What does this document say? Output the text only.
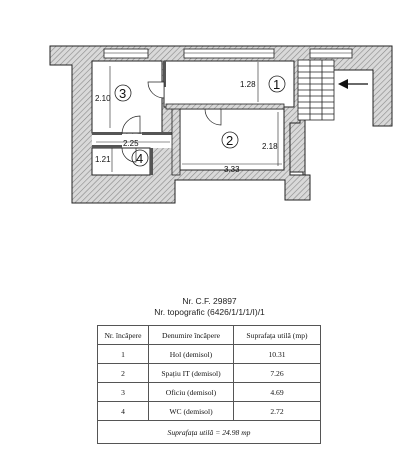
2.10
1.28
2.25
1.21
2.18
3.33
3
1
4
2
Nr. C.F. 29897
Nr. topografic (6426/1/1/1/I)/1
Nr. încăpere	Denumire încăpere	Suprafața utilă (mp)
1	Hol (demisol)	10.31
2	Spațiu IT (demisol)	7.26
3	Oficiu (demisol)	4.69
4	WC (demisol)	2.72
Suprafața utilă = 24.98 mp		
